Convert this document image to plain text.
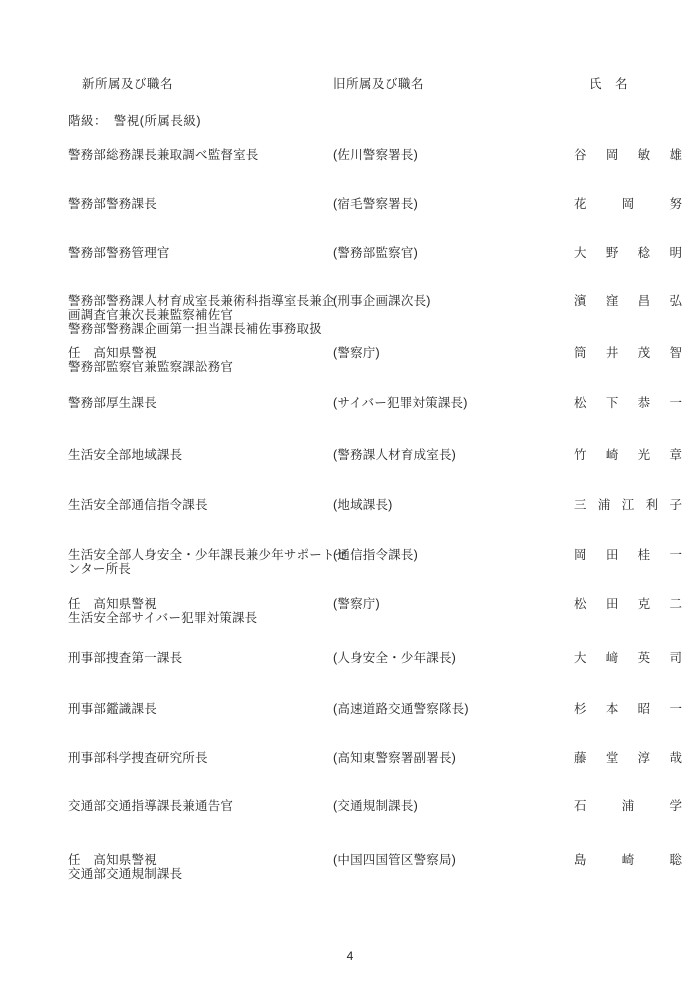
新所属及び職名	旧所属及び職名	氏　名
階級：　警視(所属長級)
警務部総務課長兼取調べ監督室長	(佐川警察署長)	谷 岡 敏 雄
警務部警務課長	(宿毛警察署長)	花	岡	努
警務部警務管理官	(警務部監察官)	大 野 稔 明
警務部警務課人材育成室長兼術科指導室長兼企
画調査官兼次長兼監察補佐官
警務部警務課企画第一担当課長補佐事務取扱
(刑事企画課次長)	濱 窪 昌 弘
任　高知県警視
警務部監察官兼監察課訟務官
(警察庁)	筒 井 茂 智
警務部厚生課長	(サイバー犯罪対策課長)	松 下 恭 一
生活安全部地域課長	(警務課人材育成室長)	竹 崎 光 章
生活安全部通信指令課長	(地域課長)	三 浦 江 利 子
生活安全部人身安全・少年課長兼少年サポートセ
ンター所長
(通信指令課長)	岡 田 桂 一
任　高知県警視
生活安全部サイバー犯罪対策課長
(警察庁)	松 田 克 二
刑事部捜査第一課長	(人身安全・少年課長)	大 﨑 英 司
刑事部鑑識課長	(高速道路交通警察隊長)	杉 本 昭 一
刑事部科学捜査研究所長	(高知東警察署副署長)	藤 堂 淳 哉
交通部交通指導課長兼通告官	(交通規制課長)	石	浦	学
任　高知県警視
交通部交通規制課長
(中国四国管区警察局)	島	崎	聡
4
